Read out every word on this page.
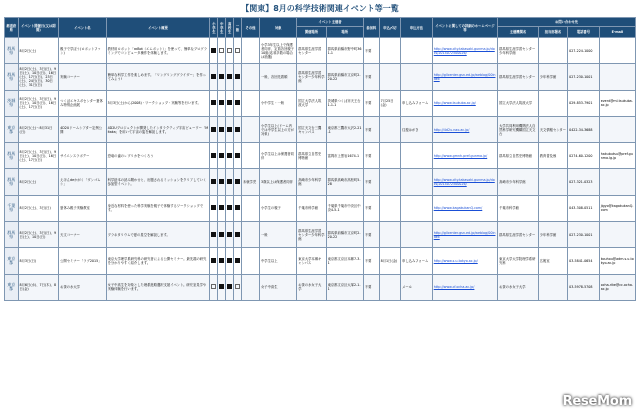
【関東】8月の科学技術関連イベント等一覧
都道府県	イベント開催日(又は期間)	イベント名	イベント概要	小学生	中学生	高校生	一般	その他	対象	イベント主催者		参加料	申込〆切	申込方法	イベントに関しての詳細のホームページ等	お問い合わせ先			
										開催場所	場所					主催機関名	担当部署名	電話番号	E-mail
群馬県	8月2日(土)	親子で学ぼう(ロボットファン)	教材用ロボット「ｍBot（エムボット）」を使って、簡単なプログラミングでコンピュータ操作を体験します。						小学3年生以上で保護者同伴、定員各回親子10組(応募多数の場合は抽選)	群馬県生涯学習センター	群馬県前橋市野中町361-1	不要			http://www.city.takasaki.gunma.jp/docs/2014072500026/	群馬県生涯学習センター少年科学館		027-224-1000	
群馬県	8月2日(土)、3日(日)、9日(土)、10日(日)、16日(土)、17日(日)、23日(土)、24日(日)、30日(土)、31日(日)	実験コーナー	簡単な科学工作を楽しめます。「リングリンググライダー」を作ってみよう!						一般、各回先着順	群馬県生涯学習センター少年科学館	群馬県前橋市文京町2-20-22	不要			http://gllcenter.gsn.ed.jp/weblog/00index	群馬県生涯学習センター	少年科学館	027-230-1001	
茨城県	8月2日(土)、3日(日)、9日(土)、10日(日)、16日(土)、17日(日)	つくばエキスポセンター夏休み特別企画展	5月3日(土)から(2008)・ワークショップ・実験等を行います。						小中学生・一般	国立大学法人筑波大学	茨城県つくば市天王台1-1-1	不要	7月25日(金)	申し込みフォーム	http://www.tsukuba.ac.jp/	国立大学法人筑波大学		029-853-7901	event@ml.tsukuba.ac.jp
東京都	8月2日(土)～8月31日(日)	4D2Uドームシアター定例公開	4D2Uプロジェクトが開発したインタラクティブ宇宙ビューワー「Mitaka」を用いて宇宙の姿を解説します。						小学生以上(ドーム内では中学生以上の方が対象)	国立天文台三鷹キャンパス	東京都三鷹市大沢2-21-1	不要		往復はがき	http://4d2u.nao.ac.jp/	大学共同利用機関法人自然科学研究機構国立天文台	天文情報センター	0422-34-3688	
群馬県	8月2日(土)、3日(日)、9日(土)、10日(日)、16日(土)、17日(日)	サイエンスラボデー	恐竜の歯のレプリカをつくろう						小学生以上は保護者同伴	群馬県立自然史博物館	富岡市上黒岩1674-1	不要			http://www.gmnh.pref.gunma.jp/	群馬県立自然史博物館	教育普及係	0274-60-1200	hakubutsu@pref.gunma.lg.jp
群馬県	8月2日(土)	えほんdeかがく「ダンゴムシ」	科学絵本の読み聞かせと、出題されるミッションをクリアしていく参加型イベント。					未就学児	3歳以上は保護者同伴	高崎市少年科学館	群馬県高崎市高松町5-28	不要			http://www.city.takasaki.gunma.jp/docs/2014072500026/	高崎市少年科学館		027-321-0323	
千葉県	8月2日(土)、3日(日)	夏休み親子実験教室	身近な材料を使った科学実験を親子で体験するワークショップです。						小学生の親子	千葉市科学館	千葉県千葉市中央区中央4-5-1	不要			http://www.kagakukanQ.com/	千葉市科学館		043-308-0511	jigyo@kagakukanQ.com
群馬県	8月2日(土)、3日(日)、9日(土)、10日(日)	天文コーナー	プラネタリウムで夏の星空を解説します。						一般	群馬県生涯学習センター少年科学館	群馬県前橋市文京町2-20-22	不要			http://gllcenter.gsn.ed.jp/weblog/00index	群馬県生涯学習センター	少年科学館	027-230-1001	
東京都	8月3日(日)	公開セミナー「ラブ2015」	東京大学理学系研究科の研究者による公開セミナー。最先端の研究を分かりやすく紹介します。						中学生以上	東京大学本郷キャンパス	東京都文京区本郷7-3-1	不要	8月1日(金)	申し込みフォーム	http://www.s.u-tokyo.ac.jp/	東京大学大学院理学系研究科	広報室	03-5841-0654	kouhou@adm.s.u-tokyo.ac.jp
東京都	8月6日(水)、7日(木)、8日(金)	お茶の水大学	女子中高生を対象とした理系進路選択支援イベント。研究室見学や実験体験を行います。						女子中高生	お茶の水女子大学	東京都文京区大塚2-1-1	不要		メール	http://www.cf.ocha.ac.jp/	お茶の水女子大学		03-5978-5708	ocha-rike@cc.ocha.ac.jp
ReseMom
